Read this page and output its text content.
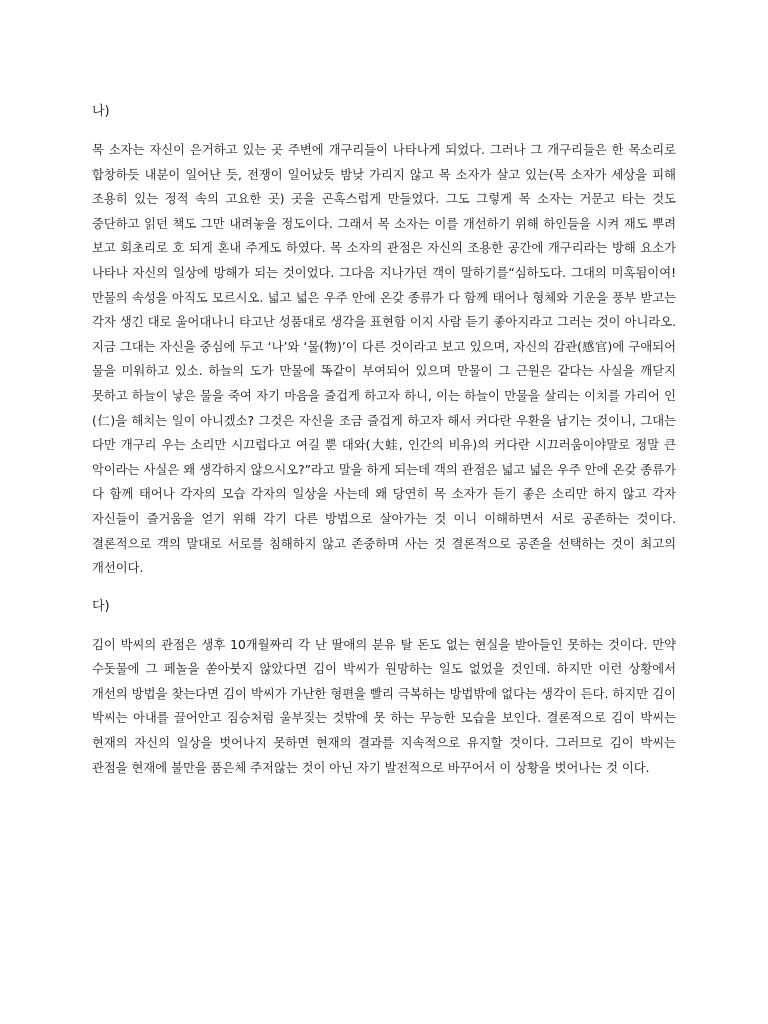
나)

목 소자는 자신이 은거하고 있는 곳 주변에 개구리들이 나타나게 되었다. 그러나 그 개구리들은 한 목소리로 합창하듯 내분이 일어난 듯, 전쟁이 일어났듯 밤낮 가리지 않고 목 소자가 살고 있는(목 소자가 세상을 피해 조용히 있는 정적 속의 고요한 곳) 곳을 곤혹스럽게 만들었다. 그도 그렇게 목 소자는 거문고 타는 것도 중단하고 읽던 책도 그만 내려놓을 정도이다. 그래서 목 소자는 이를 개선하기 위해 하인들을 시켜 재도 뿌려 보고 회초리로 호 되게 혼내 주게도 하였다. 목 소자의 관점은 자신의 조용한 공간에 개구리라는 방해 요소가 나타나 자신의 일상에 방해가 되는 것이었다. 그다음 지나가던 객이 말하기를“심하도다. 그대의 미혹됨이여! 만물의 속성을 아직도 모르시오. 넓고 넓은 우주 안에 온갖 종류가 다 함께 태어나 형체와 기운을 풍부 받고는 각자 생긴 대로 울어대나니 타고난 성품대로 생각을 표현함 이지 사람 듣기 좋아지라고 그러는 것이 아니라오. 지금 그대는 자신을 중심에 두고 ‘나’와 ‘물(物)’이 다른 것이라고 보고 있으며, 자신의 감관(感官)에 구애되어 물을 미워하고 있소. 하늘의 도가 만물에 똑같이 부여되어 있으며 만물이 그 근원은 같다는 사실을 깨닫지 못하고 하늘이 낳은 물을 죽여 자기 마음을 즐겁게 하고자 하니, 이는 하늘이 만물을 살리는 이치를 가리어 인(仁)을 해치는 일이 아니겠소? 그것은 자신을 조금 즐겁게 하고자 해서 커다란 우환을 남기는 것이니, 그대는 다만 개구리 우는 소리만 시끄럽다고 여길 뿐 대와(大蛙, 인간의 비유)의 커다란 시끄러움이야말로 정말 큰 악이라는 사실은 왜 생각하지 않으시오?”라고 말을 하게 되는데 객의 관점은 넓고 넓은 우주 안에 온갖 종류가 다 함께 태어나 각자의 모습 각자의 일상을 사는데 왜 당연히 목 소자가 듣기 좋은 소리만 하지 않고 각자 자신들이 즐거움을 얻기 위해 각기 다른 방법으로 살아가는 것 이니 이해하면서 서로 공존하는 것이다. 결론적으로 객의 말대로 서로를 침해하지 않고 존중하며 사는 것 결론적으로 공존을 선택하는 것이 최고의 개선이다.

다)

김이 박씨의 관점은 생후 10개월짜리 각 난 딸애의 분유 탈 돈도 없는 현실을 받아들인 못하는 것이다. 만약 수돗물에 그 페놀을 쏟아붓지 않았다면 김이 박씨가 원망하는 일도 없었을 것인데. 하지만 이런 상황에서 개선의 방법을 찾는다면 김이 박씨가 가난한 형편을 빨리 극복하는 방법밖에 없다는 생각이 든다. 하지만 김이 박씨는 아내를 끌어안고 짐승처럼 울부짖는 것밖에 못 하는 무능한 모습을 보인다. 결론적으로 김이 박씨는 현재의 자신의 일상을 벗어나지 못하면 현재의 결과를 지속적으로 유지할 것이다. 그러므로 김이 박씨는 관점을 현재에 불만을 품은체 주저않는 것이 아닌 자기 발전적으로 바꾸어서 이 상황을 벗어나는 것 이다.
